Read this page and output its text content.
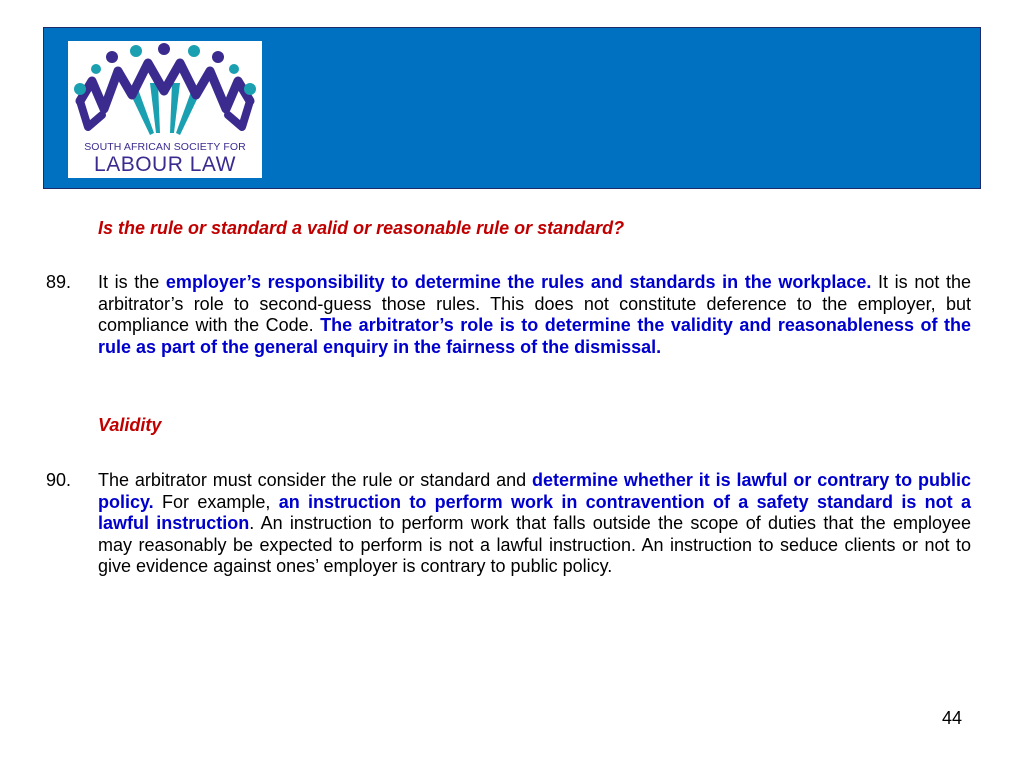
SOUTH AFRICAN SOCIETY FOR
LABOUR LAW
Is the rule or standard a valid or reasonable rule or standard?
89. It is the employer’s responsibility to determine the rules and standards in the workplace. It is not the arbitrator’s role to second-guess those rules. This does not constitute deference to the employer, but compliance with the Code. The arbitrator’s role is to determine the validity and reasonableness of the rule as part of the general enquiry in the fairness of the dismissal.
Validity
90. The arbitrator must consider the rule or standard and determine whether it is lawful or contrary to public policy. For example, an instruction to perform work in contravention of a safety standard is not a lawful instruction. An instruction to perform work that falls outside the scope of duties that the employee may reasonably be expected to perform is not a lawful instruction. An instruction to seduce clients or not to give evidence against ones’ employer is contrary to public policy.
44
